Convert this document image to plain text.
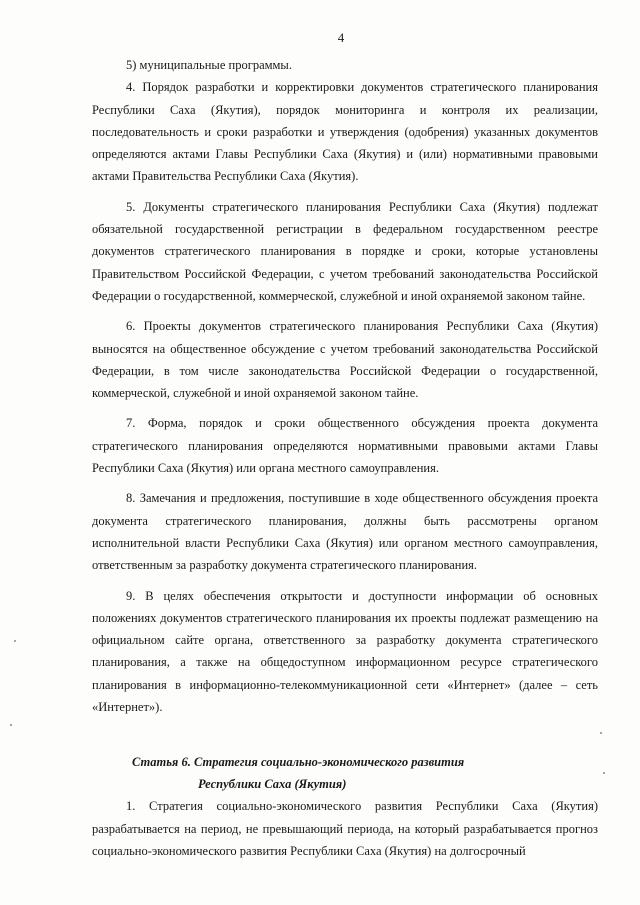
4

5) муниципальные программы.

4. Порядок разработки и корректировки документов стратегического планирования Республики Саха (Якутия), порядок мониторинга и контроля их реализации, последовательность и сроки разработки и утверждения (одобрения) указанных документов определяются актами Главы Республики Саха (Якутия) и (или) нормативными правовыми актами Правительства Республики Саха (Якутия).

5. Документы стратегического планирования Республики Саха (Якутия) подлежат обязательной государственной регистрации в федеральном государственном реестре документов стратегического планирования в порядке и сроки, которые установлены Правительством Российской Федерации, с учетом требований законодательства Российской Федерации о государственной, коммерческой, служебной и иной охраняемой законом тайне.

6. Проекты документов стратегического планирования Республики Саха (Якутия) выносятся на общественное обсуждение с учетом требований законодательства Российской Федерации, в том числе законодательства Российской Федерации о государственной, коммерческой, служебной и иной охраняемой законом тайне.

7. Форма, порядок и сроки общественного обсуждения проекта документа стратегического планирования определяются нормативными правовыми актами Главы Республики Саха (Якутия) или органа местного самоуправления.

8. Замечания и предложения, поступившие в ходе общественного обсуждения проекта документа стратегического планирования, должны быть рассмотрены органом исполнительной власти Республики Саха (Якутия) или органом местного самоуправления, ответственным за разработку документа стратегического планирования.

9. В целях обеспечения открытости и доступности информации об основных положениях документов стратегического планирования их проекты подлежат размещению на официальном сайте органа, ответственного за разработку документа стратегического планирования, а также на общедоступном информационном ресурсе стратегического планирования в информационно-телекоммуникационной сети «Интернет» (далее – сеть «Интернет»).

Статья 6. Стратегия социально-экономического развития
Республики Саха (Якутия)

1. Стратегия социально-экономического развития Республики Саха (Якутия) разрабатывается на период, не превышающий периода, на который разрабатывается прогноз социально-экономического развития Республики Саха (Якутия) на долгосрочный
